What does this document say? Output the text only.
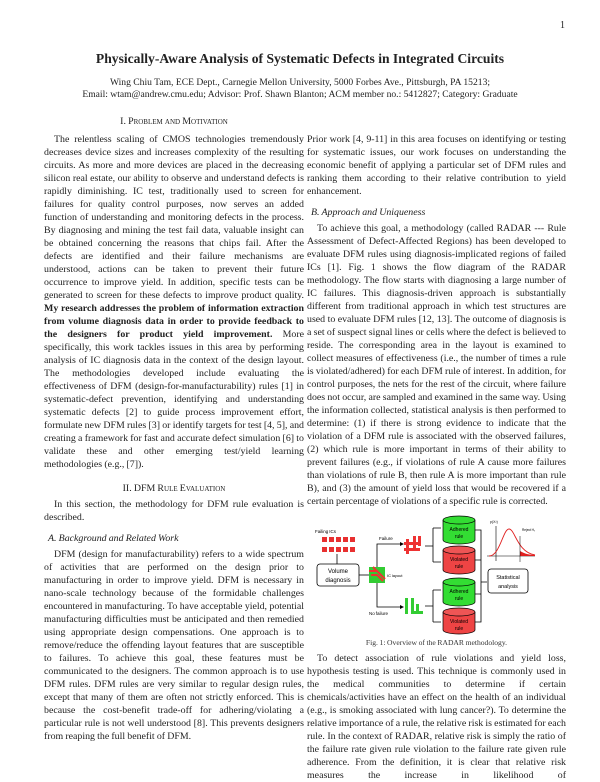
1
Physically-Aware Analysis of Systematic Defects in Integrated Circuits
Wing Chiu Tam, ECE Dept., Carnegie Mellon University, 5000 Forbes Ave., Pittsburgh, PA 15213;
Email: wtam@andrew.cmu.edu; Advisor: Prof. Shawn Blanton; ACM member no.: 5412827; Category: Graduate
I. Problem and Motivation

The relentless scaling of CMOS technologies tremendously decreases device sizes and increases complexity of the resulting circuits. As more and more devices are placed in the decreasing silicon real estate, our ability to observe and understand defects is rapidly diminishing. IC test, traditionally used to screen for failures for quality control purposes, now serves an added function of understanding and monitoring defects in the process. By diagnosing and mining the test fail data, valuable insight can be obtained concerning the reasons that chips fail. After the defects are identified and their failure mechanisms are understood, actions can be taken to prevent their future occurrence to improve yield. In addition, specific tests can be generated to screen for these defects to improve product quality. My research addresses the problem of information extraction from volume diagnosis data in order to provide feedback to the designers for product yield improvement. More specifically, this work tackles issues in this area by performing analysis of IC diagnosis data in the context of the design layout. The methodologies developed include evaluating the effectiveness of DFM (design-for-manufacturability) rules [1] in systematic-defect prevention, identifying and understanding systematic defects [2] to guide process improvement effort, formulate new DFM rules [3] or identify targets for test [4, 5], and creating a framework for fast and accurate defect simulation [6] to validate these and other emerging test/yield learning methodologies (e.g., [7]).

II. DFM Rule Evaluation

In this section, the methodology for DFM rule evaluation is described.

A. Background and Related Work

DFM (design for manufacturability) refers to a wide spectrum of activities that are performed on the design prior to manufacturing in order to improve yield. DFM is necessary in nano-scale technology because of the formidable challenges encountered in manufacturing. To have acceptable yield, potential manufacturing difficulties must be anticipated and then remedied using appropriate design compensations. One approach is to remove/reduce the offending layout features that are susceptible to failures. To achieve this goal, these features must be communicated to the designers. The common approach is to use DFM rules. DFM rules are very similar to regular design rules, except that many of them are often not strictly enforced. This is because the cost-benefit trade-off for adhering/violating a particular rule is not well understood [8]. This prevents designers from reaping the full benefit of DFM.

Prior work [4, 9-11] in this area focuses on identifying or testing for systematic issues, our work focuses on understanding the economic benefit of applying a particular set of DFM rules and ranking them according to their relative contribution to yield enhancement.

B. Approach and Uniqueness

To achieve this goal, a methodology (called RADAR --- Rule Assessment of Defect-Affected Regions) has been developed to evaluate DFM rules using diagnosis-implicated regions of failed ICs [1]. Fig. 1 shows the flow diagram of the RADAR methodology. The flow starts with diagnosing a large number of IC failures. This diagnosis-driven approach is substantially different from traditional approach in which test structures are used to evaluate DFM rules [12, 13]. The outcome of diagnosis is a set of suspect signal lines or cells where the defect is believed to reside. The corresponding area in the layout is examined to collect measures of effectiveness (i.e., the number of times a rule is violated/adhered) for each DFM rule of interest. In addition, for control purposes, the nets for the rest of the circuit, where failure does not occur, are sampled and examined in the same way. Using the information collected, statistical analysis is then performed to determine: (1) if there is strong evidence to indicate that the violation of a DFM rule is associated with the observed failures, (2) which rule is more important in terms of their ability to prevent failures (e.g., if violations of rule A cause more failures than violations of rule B, then rule A is more important than rule B), and (3) the amount of yield loss that would be recovered if a certain percentage of violations of a specific rule is corrected.

Failing ICs
Volume
diagnosis
IC layout
Failure
No failure
Adhered
rule
Violated
rule
Adhered
rule
Violated
rule
Statistical
analysis
p(X²)
Reject H₀
Fig. 1: Overview of the RADAR methodology.

To detect association of rule violations and yield loss, hypothesis testing is used. This technique is commonly used in the medical communities to determine if certain chemicals/activities have an effect on the health of an individual (e.g., is smoking associated with lung cancer?). To determine the relative importance of a rule, the relative risk is estimated for each rule. In the context of RADAR, relative risk is simply the ratio of the failure rate given rule violation to the failure rate given rule adherence. From the definition, it is clear that relative risk measures the increase in likelihood of
